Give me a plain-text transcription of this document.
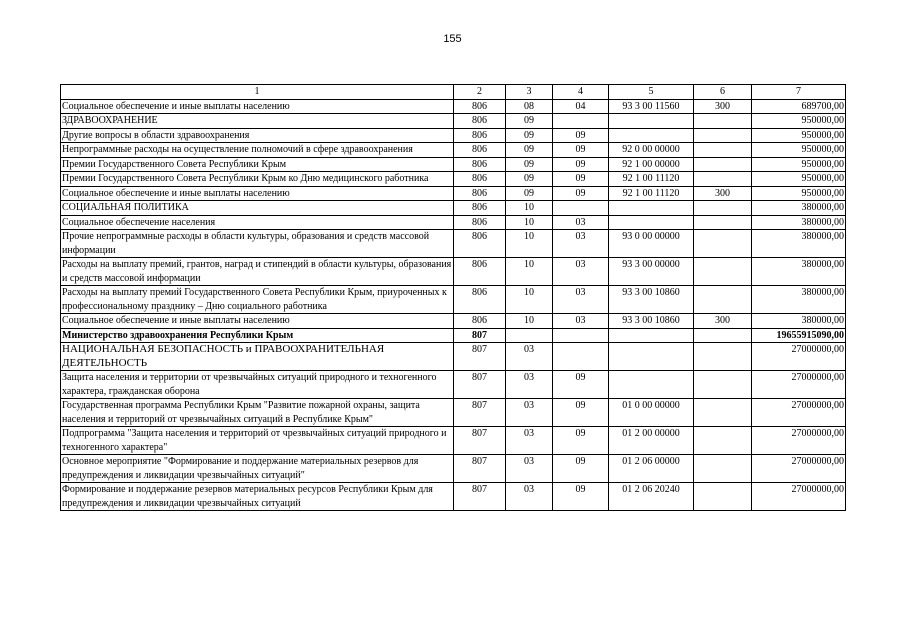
155
1	2	3	4	5	6	7
Социальное обеспечение и иные выплаты населению	806	08	04	93 3 00 11560	300	689700,00
ЗДРАВООХРАНЕНИЕ	806	09				950000,00
Другие вопросы в области здравоохранения	806	09	09			950000,00
Непрограммные расходы на осуществление полномочий в сфере здравоохранения	806	09	09	92 0 00 00000		950000,00
Премии Государственного Совета Республики Крым	806	09	09	92 1 00 00000		950000,00
Премии Государственного Совета Республики Крым ко Дню медицинского работника	806	09	09	92 1 00 11120		950000,00
Социальное обеспечение и иные выплаты населению	806	09	09	92 1 00 11120	300	950000,00
СОЦИАЛЬНАЯ ПОЛИТИКА	806	10				380000,00
Социальное обеспечение населения	806	10	03			380000,00
Прочие непрограммные расходы в области культуры, образования и средств массовой информации	806	10	03	93 0 00 00000		380000,00
Расходы на выплату премий, грантов, наград и стипендий в области культуры, образования и средств массовой информации	806	10	03	93 3 00 00000		380000,00
Расходы на выплату премий Государственного Совета Республики Крым, приуроченных к профессиональному празднику – Дню социального работника	806	10	03	93 3 00 10860		380000,00
Социальное обеспечение и иные выплаты населению	806	10	03	93 3 00 10860	300	380000,00
Министерство здравоохранения Республики Крым	807					19655915090,00
НАЦИОНАЛЬНАЯ БЕЗОПАСНОСТЬ и ПРАВООХРАНИТЕЛЬНАЯ ДЕЯТЕЛЬНОСТЬ	807	03				27000000,00
Защита населения и территории от чрезвычайных ситуаций природного и техногенного характера, гражданская оборона	807	03	09			27000000,00
Государственная программа Республики Крым "Развитие пожарной охраны, защита населения и территорий от чрезвычайных ситуаций в Республике Крым"	807	03	09	01 0 00 00000		27000000,00
Подпрограмма "Защита населения и территорий от чрезвычайных ситуаций природного и техногенного характера"	807	03	09	01 2 00 00000		27000000,00
Основное мероприятие "Формирование и поддержание материальных резервов для предупреждения и ликвидации чрезвычайных ситуаций"	807	03	09	01 2 06 00000		27000000,00
Формирование и поддержание резервов материальных ресурсов Республики Крым для предупреждения и ликвидации чрезвычайных ситуаций	807	03	09	01 2 06 20240		27000000,00
